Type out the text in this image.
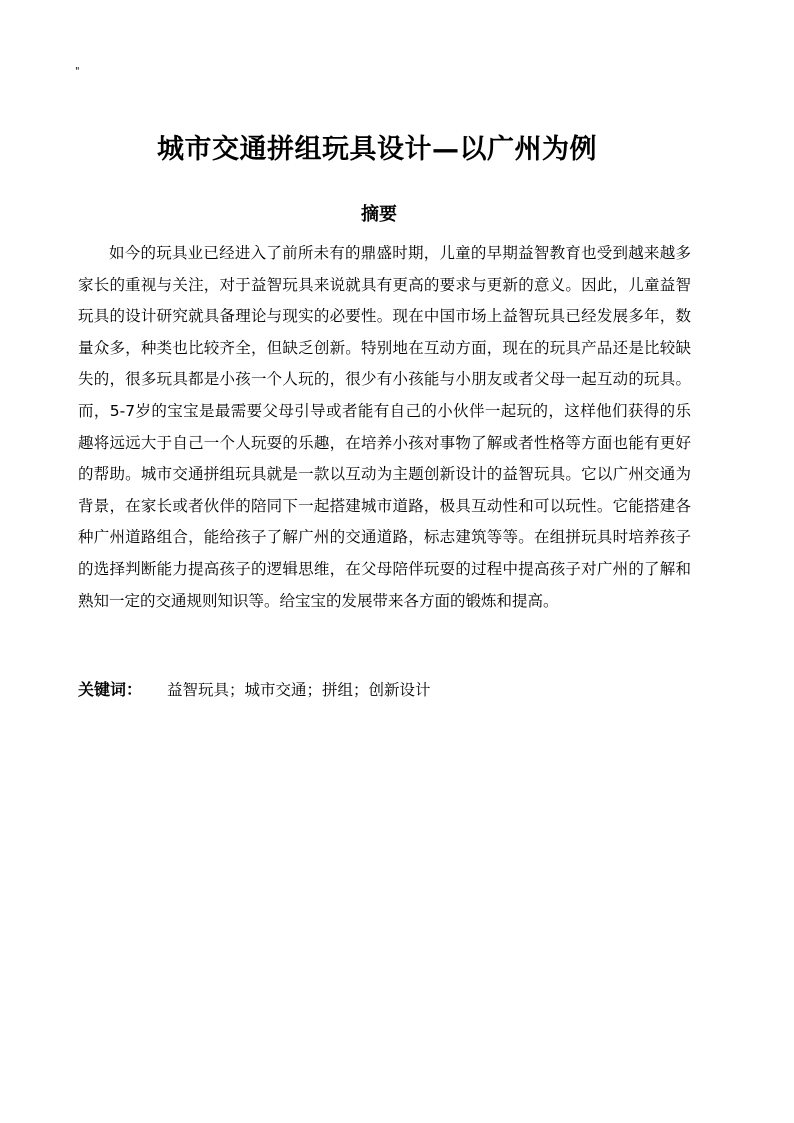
"
城市交通拼组玩具设计—以广州为例
摘要

如今的玩具业已经进入了前所未有的鼎盛时期，儿童的早期益智教育也受到越来越多家长的重视与关注，对于益智玩具来说就具有更高的要求与更新的意义。因此，儿童益智玩具的设计研究就具备理论与现实的必要性。现在中国市场上益智玩具已经发展多年，数量众多，种类也比较齐全，但缺乏创新。特别地在互动方面，现在的玩具产品还是比较缺失的，很多玩具都是小孩一个人玩的，很少有小孩能与小朋友或者父母一起互动的玩具。而，5-7岁的宝宝是最需要父母引导或者能有自己的小伙伴一起玩的，这样他们获得的乐趣将远远大于自己一个人玩耍的乐趣，在培养小孩对事物了解或者性格等方面也能有更好的帮助。城市交通拼组玩具就是一款以互动为主题创新设计的益智玩具。它以广州交通为背景，在家长或者伙伴的陪同下一起搭建城市道路，极具互动性和可以玩性。它能搭建各种广州道路组合，能给孩子了解广州的交通道路，标志建筑等等。在组拼玩具时培养孩子的选择判断能力提高孩子的逻辑思维，在父母陪伴玩耍的过程中提高孩子对广州的了解和熟知一定的交通规则知识等。给宝宝的发展带来各方面的锻炼和提高。

关键词： 益智玩具；城市交通；拼组；创新设计
